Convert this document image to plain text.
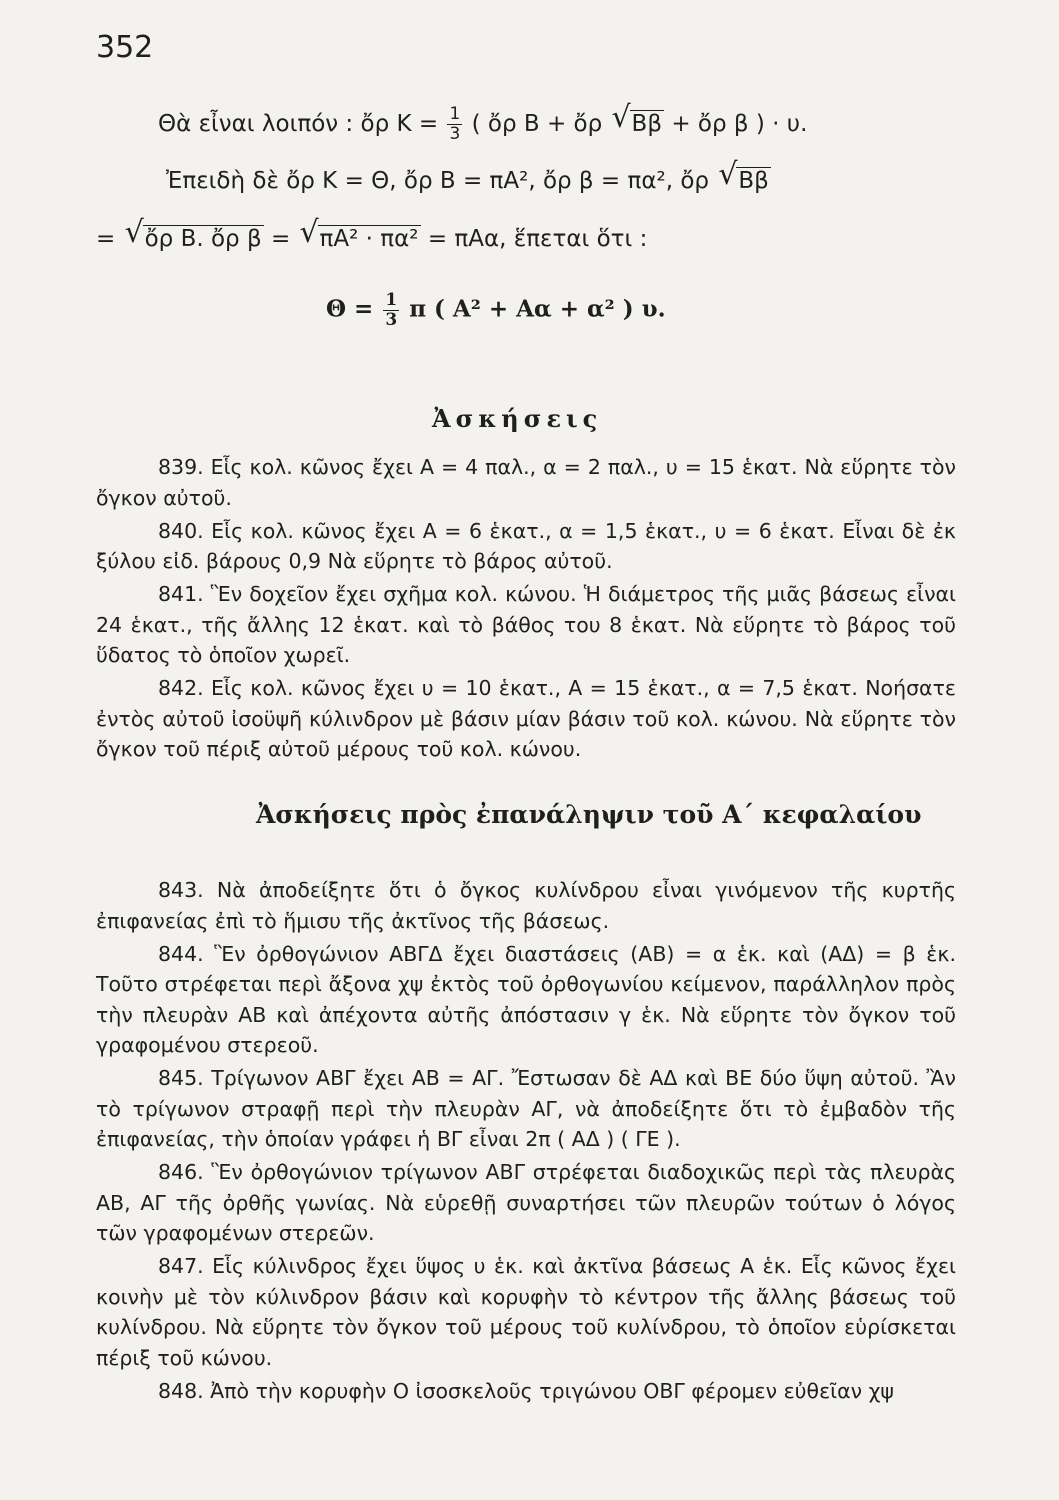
352
Θὰ εἶναι λοιπόν : ὄρ $K = \frac{1}{3}$ ( ὄρ Β + ὄρ √ Ββ + ὄρ β ) · υ.
Ἐπειδὴ δὲ ὄρ Κ = Θ, ὄρ Β = πΑ², ὄρ β = πα², ὄρ √ Ββ
= √ ὄρ Β. ὄρ β = √ πΑ² · πα² = πΑα, ἕπεται ὅτι :
$\Theta = \frac{1}{3}$ π ( Α² + Αα + α² ) υ.
Ἀσκήσεις

839. Εἷς κολ. κῶνος ἔχει Α = 4 παλ., α = 2 παλ., υ = 15 ἑκατ. Νὰ εὕρητε τὸν ὄγκον αὐτοῦ.

840. Εἷς κολ. κῶνος ἔχει Α = 6 ἑκατ., α = 1,5 ἑκατ., υ = 6 ἑκατ. Εἶναι δὲ ἐκ ξύλου εἰδ. βάρους 0,9 Νὰ εὕρητε τὸ βάρος αὐτοῦ.

841. Ἓν δοχεῖον ἔχει σχῆμα κολ. κώνου. Ἡ διάμετρος τῆς μιᾶς βάσεως εἶναι 24 ἑκατ., τῆς ἄλλης 12 ἑκατ. καὶ τὸ βάθος του 8 ἑκατ. Νὰ εὕρητε τὸ βάρος τοῦ ὕδατος τὸ ὁποῖον χωρεῖ.

842. Εἷς κολ. κῶνος ἔχει υ = 10 ἑκατ., Α = 15 ἑκατ., α = 7,5 ἑκατ. Νοήσατε ἐντὸς αὐτοῦ ἰσοϋψῆ κύλινδρον μὲ βάσιν μίαν βάσιν τοῦ κολ. κώνου. Νὰ εὕρητε τὸν ὄγκον τοῦ πέριξ αὐτοῦ μέρους τοῦ κολ. κώνου.

Ἀσκήσεις πρὸς ἐπανάληψιν τοῦ Α΄ κεφαλαίου

843. Νὰ ἀποδείξητε ὅτι ὁ ὄγκος κυλίνδρου εἶναι γινόμενον τῆς κυρτῆς ἐπιφανείας ἐπὶ τὸ ἥμισυ τῆς ἀκτῖνος τῆς βάσεως.

844. Ἓν ὀρθογώνιον ΑΒΓΔ ἔχει διαστάσεις (ΑΒ) = α ἑκ. καὶ (ΑΔ) = β ἑκ. Τοῦτο στρέφεται περὶ ἄξονα χψ ἐκτὸς τοῦ ὀρθογωνίου κείμενον, παράλληλον πρὸς τὴν πλευρὰν ΑΒ καὶ ἀπέχοντα αὐτῆς ἀπόστασιν γ ἑκ. Νὰ εὕρητε τὸν ὄγκον τοῦ γραφομένου στερεοῦ.

845. Τρίγωνον ΑΒΓ ἔχει ΑΒ = ΑΓ. Ἔστωσαν δὲ ΑΔ καὶ ΒΕ δύο ὕψη αὐτοῦ. Ἂν τὸ τρίγωνον στραφῇ περὶ τὴν πλευρὰν ΑΓ, νὰ ἀποδείξητε ὅτι τὸ ἐμβαδὸν τῆς ἐπιφανείας, τὴν ὁποίαν γράφει ἡ ΒΓ εἶναι 2π ( ΑΔ ) ( ΓΕ ).

846. Ἓν ὀρθογώνιον τρίγωνον ΑΒΓ στρέφεται διαδοχικῶς περὶ τὰς πλευρὰς ΑΒ, ΑΓ τῆς ὀρθῆς γωνίας. Νὰ εὑρεθῇ συναρτήσει τῶν πλευρῶν τούτων ὁ λόγος τῶν γραφομένων στερεῶν.

847. Εἷς κύλινδρος ἔχει ὕψος υ ἑκ. καὶ ἀκτῖνα βάσεως Α ἑκ. Εἷς κῶνος ἔχει κοινὴν μὲ τὸν κύλινδρον βάσιν καὶ κορυφὴν τὸ κέντρον τῆς ἄλλης βάσεως τοῦ κυλίνδρου. Νὰ εὕρητε τὸν ὄγκον τοῦ μέρους τοῦ κυλίνδρου, τὸ ὁποῖον εὑρίσκεται πέριξ τοῦ κώνου.

848. Ἀπὸ τὴν κορυφὴν Ο ἰσοσκελοῦς τριγώνου ΟΒΓ φέρομεν εὐθεῖαν χψ
